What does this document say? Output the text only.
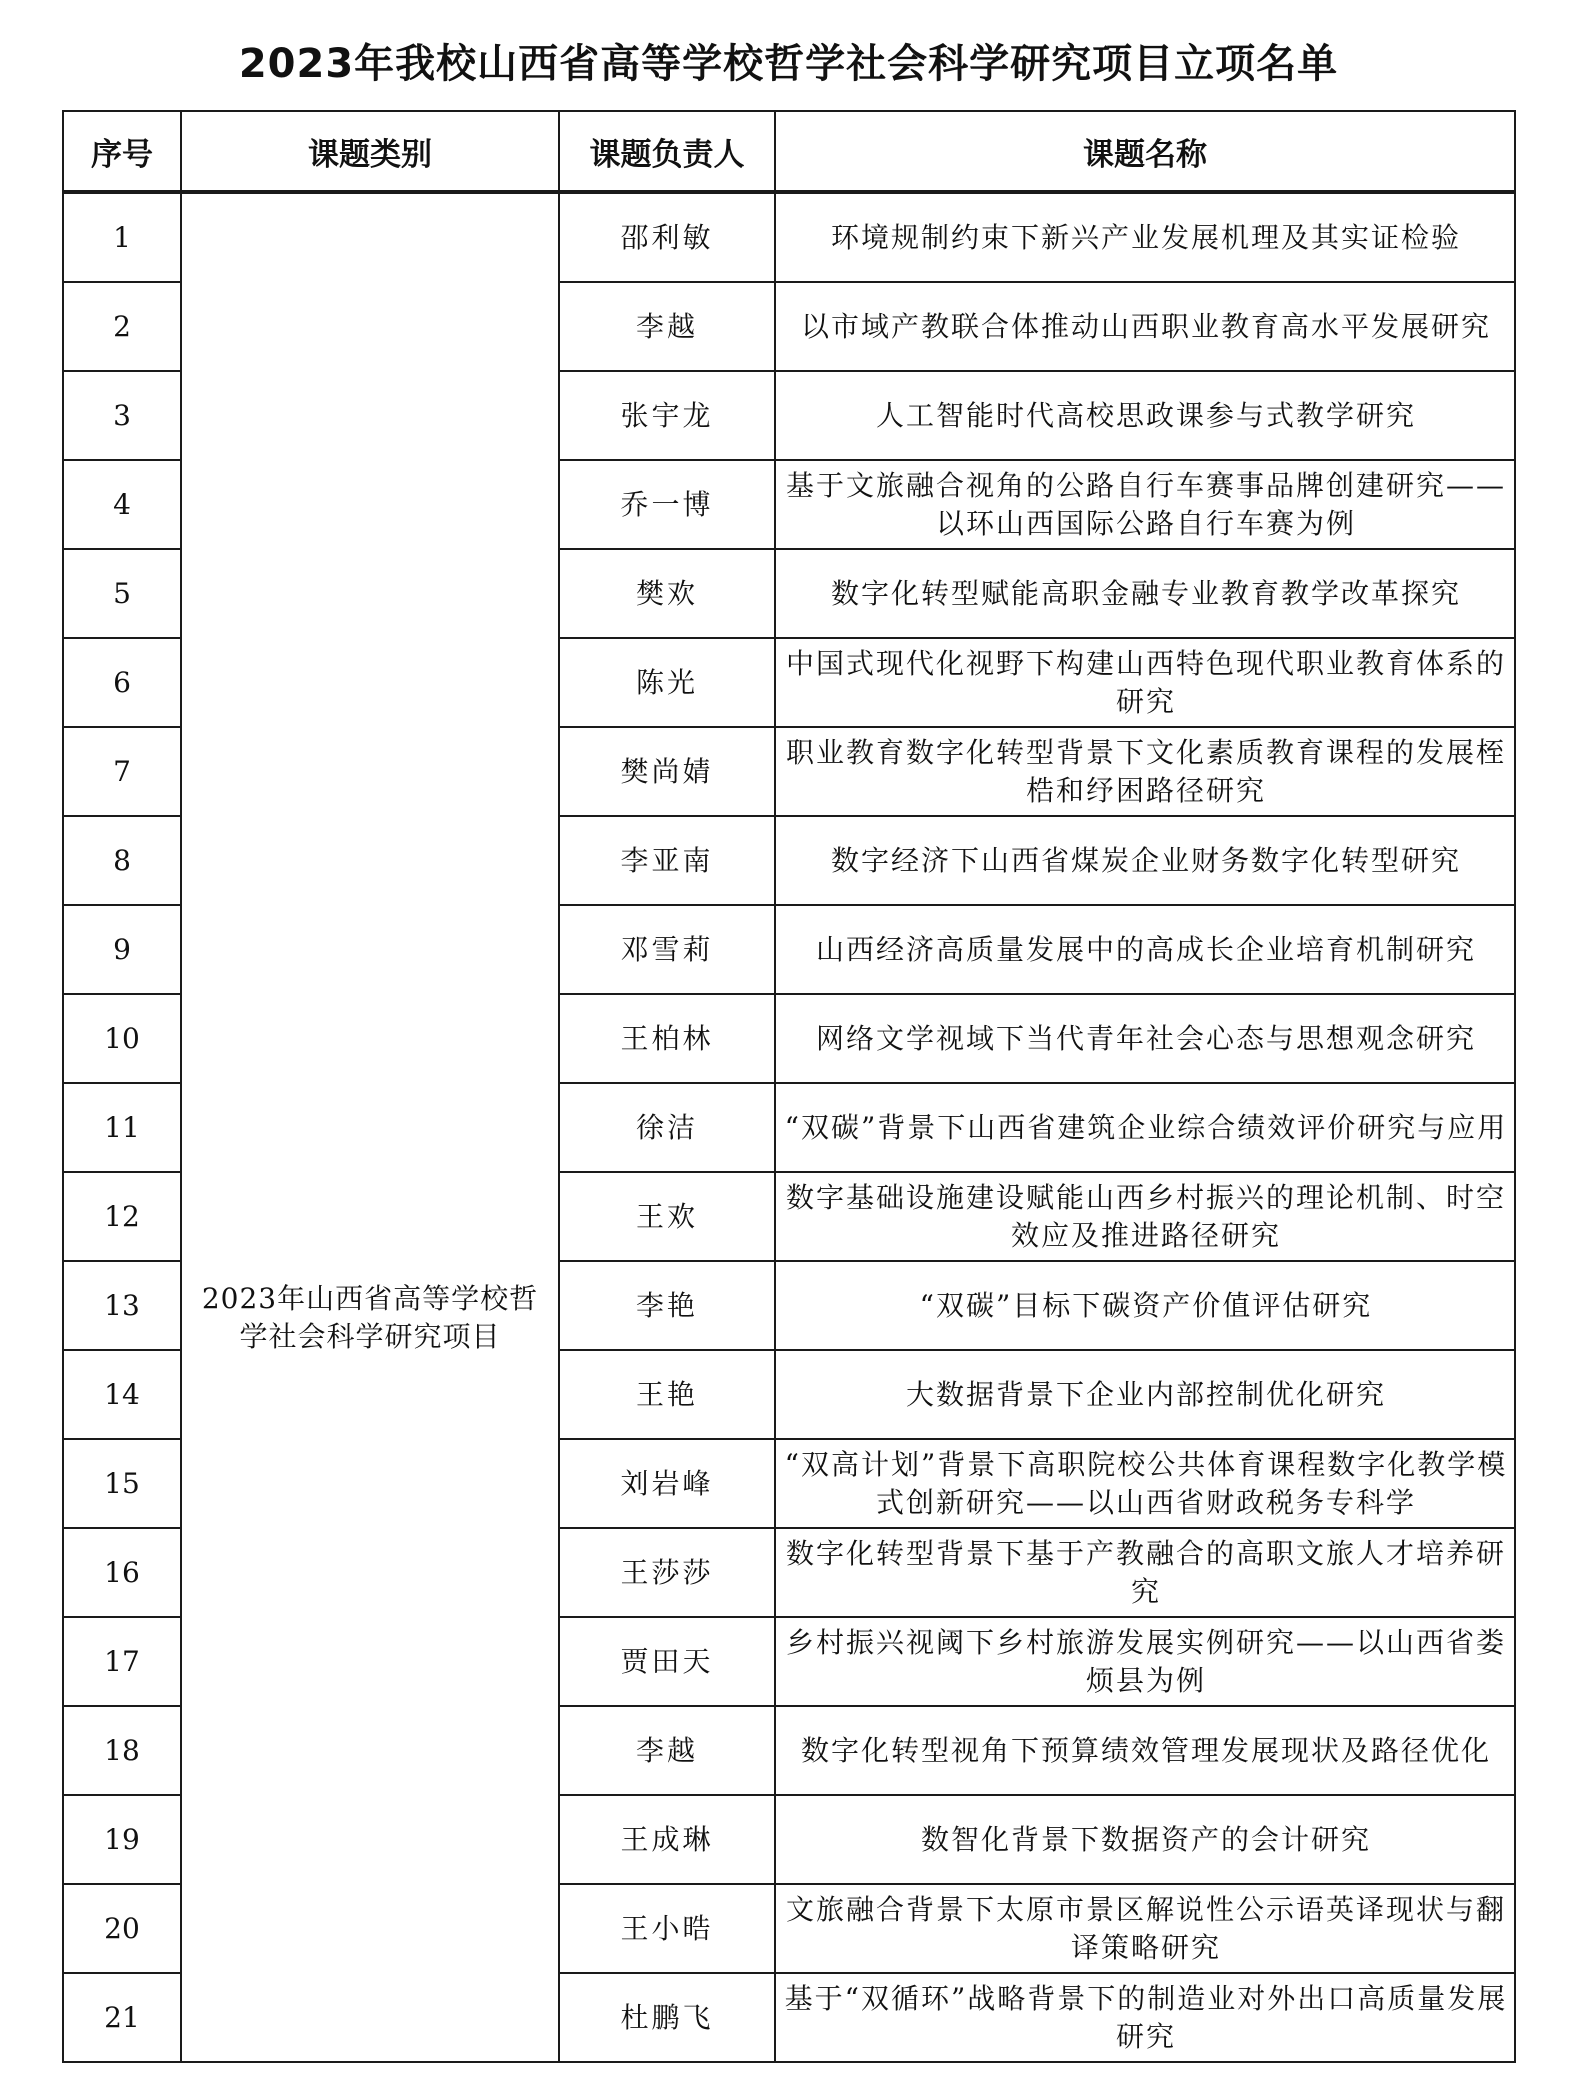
2023年我校山西省高等学校哲学社会科学研究项目立项名单
序号	课题类别	课题负责人	课题名称
1	2023年山西省高等学校哲学社会科学研究项目	邵利敏	环境规制约束下新兴产业发展机理及其实证检验
2		李越	以市域产教联合体推动山西职业教育高水平发展研究
3		张宇龙	人工智能时代高校思政课参与式教学研究
4		乔一博	基于文旅融合视角的公路自行车赛事品牌创建研究——以环山西国际公路自行车赛为例
5		樊欢	数字化转型赋能高职金融专业教育教学改革探究
6		陈光	中国式现代化视野下构建山西特色现代职业教育体系的研究
7		樊尚婧	职业教育数字化转型背景下文化素质教育课程的发展桎梏和纾困路径研究
8		李亚南	数字经济下山西省煤炭企业财务数字化转型研究
9		邓雪莉	山西经济高质量发展中的高成长企业培育机制研究
10		王柏林	网络文学视域下当代青年社会心态与思想观念研究
11		徐洁	“双碳”背景下山西省建筑企业综合绩效评价研究与应用
12		王欢	数字基础设施建设赋能山西乡村振兴的理论机制、时空效应及推进路径研究
13		李艳	“双碳”目标下碳资产价值评估研究
14		王艳	大数据背景下企业内部控制优化研究
15		刘岩峰	“双高计划”背景下高职院校公共体育课程数字化教学模式创新研究——以山西省财政税务专科学
16		王莎莎	数字化转型背景下基于产教融合的高职文旅人才培养研究
17		贾田天	乡村振兴视阈下乡村旅游发展实例研究——以山西省娄烦县为例
18		李越	数字化转型视角下预算绩效管理发展现状及路径优化
19		王成琳	数智化背景下数据资产的会计研究
20		王小晧	文旅融合背景下太原市景区解说性公示语英译现状与翻译策略研究
21		杜鹏飞	基于“双循环”战略背景下的制造业对外出口高质量发展研究
